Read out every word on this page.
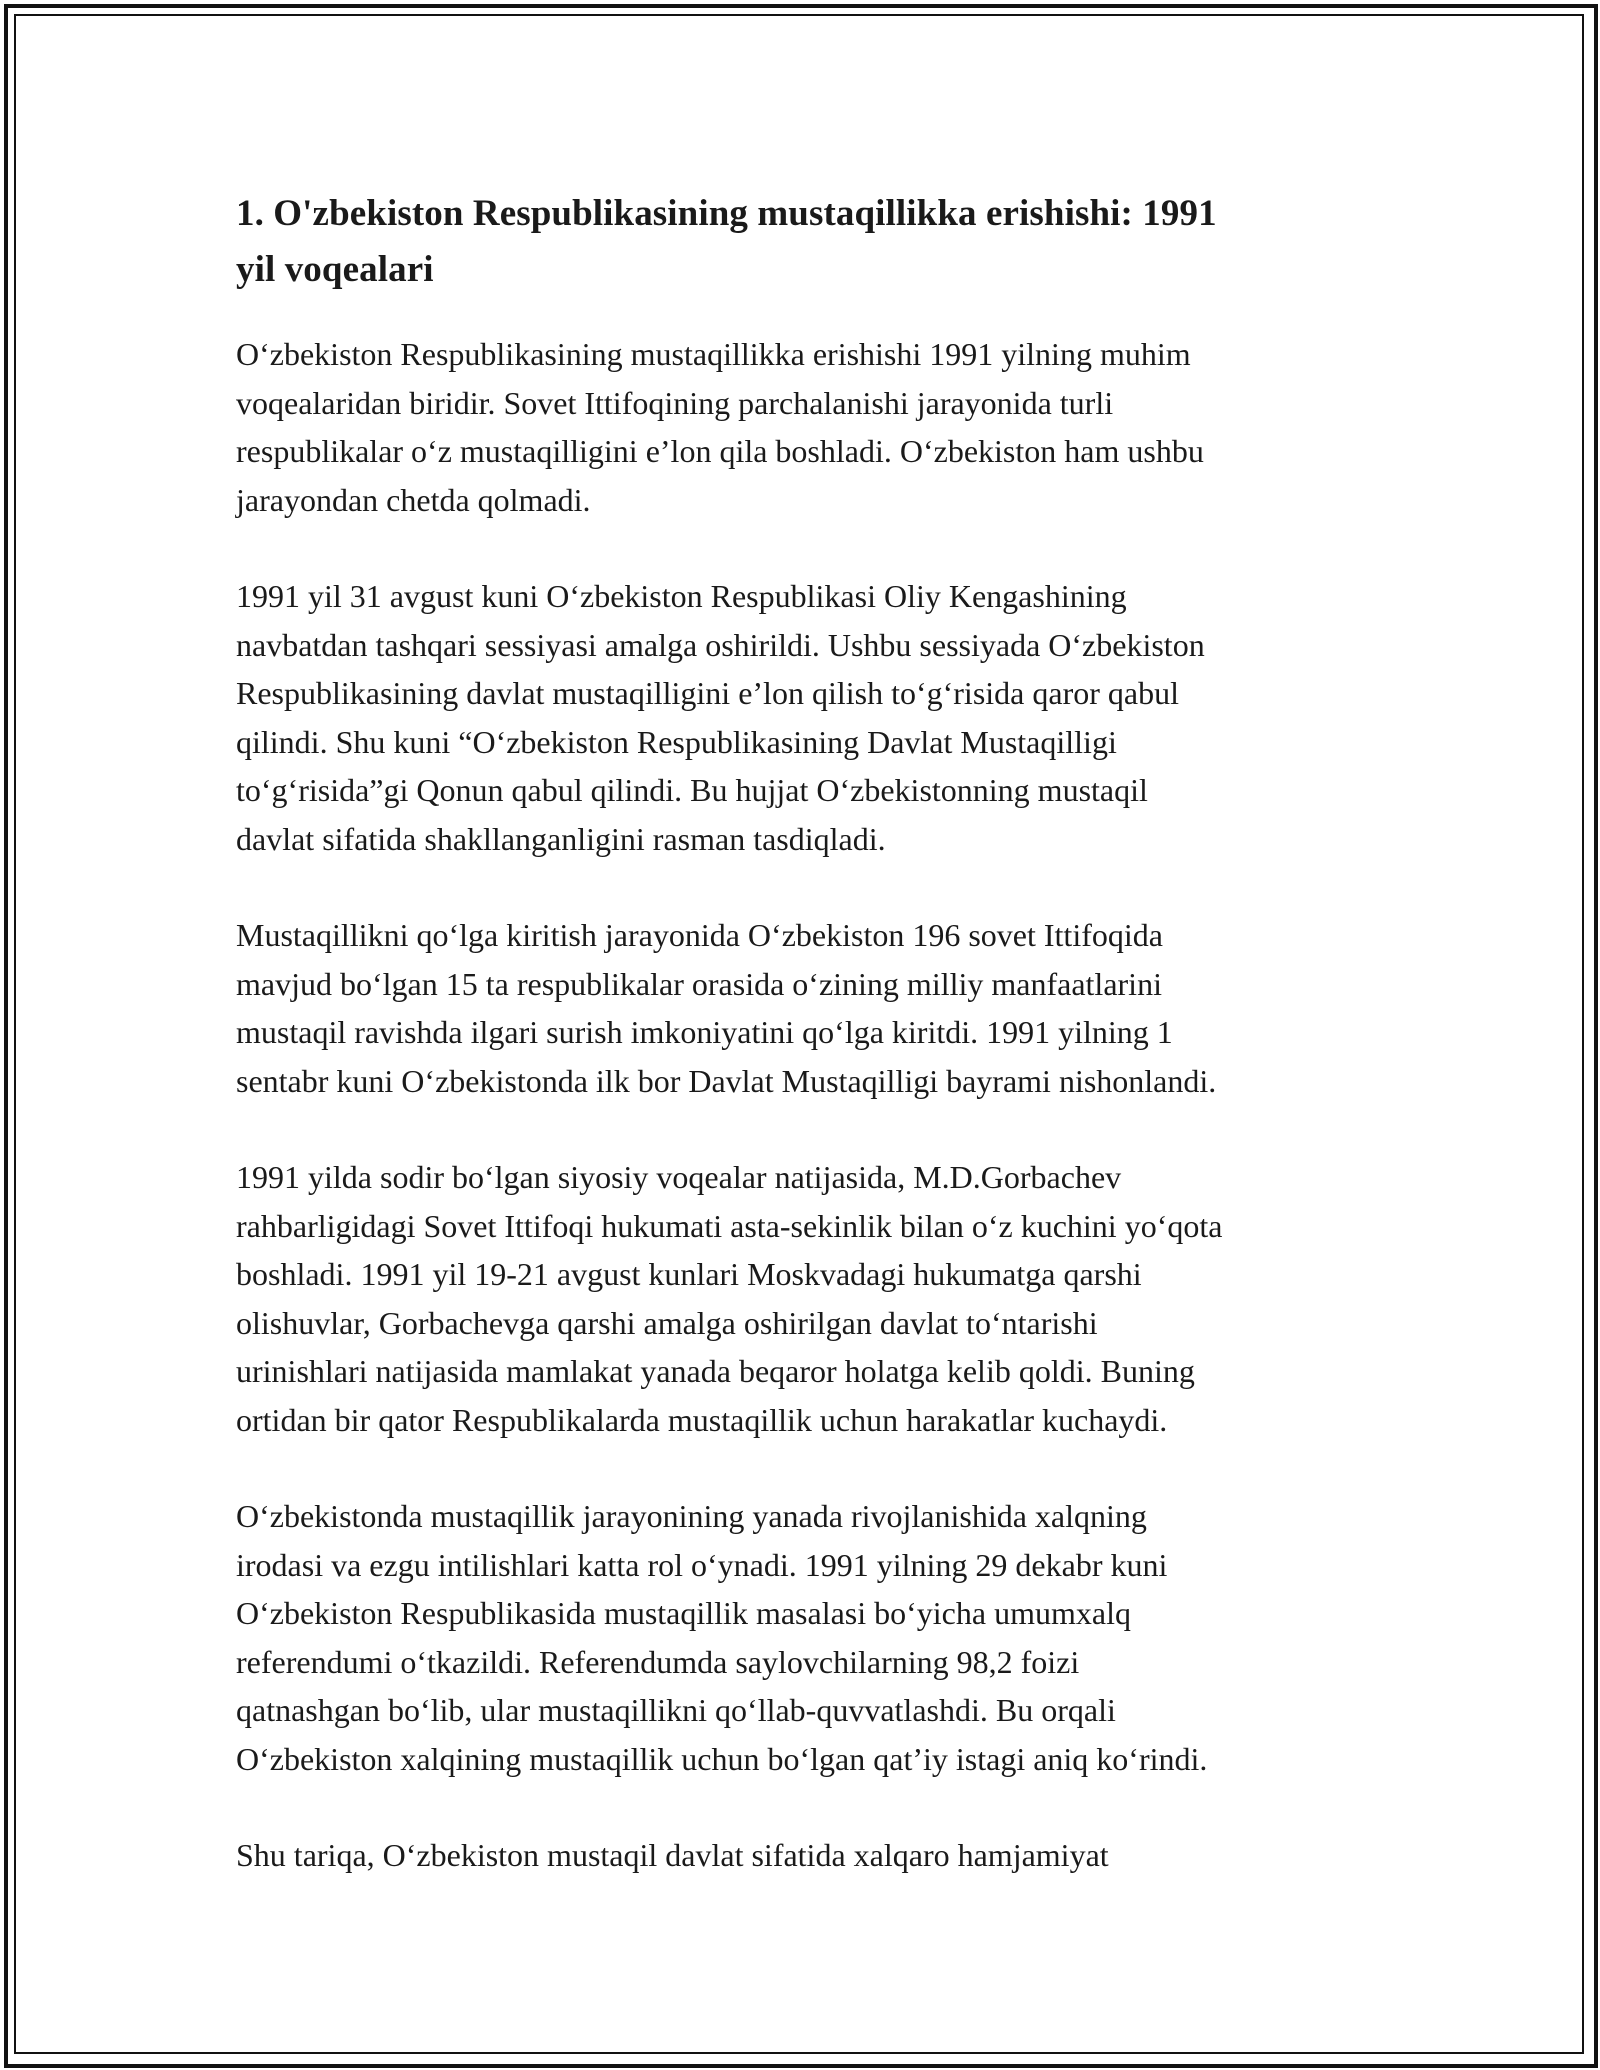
1. O'zbekiston Respublikasining mustaqillikka erishishi: 1991
yil voqealari

O‘zbekiston Respublikasining mustaqillikka erishishi 1991 yilning muhim
voqealaridan biridir. Sovet Ittifoqining parchalanishi jarayonida turli
respublikalar o‘z mustaqilligini e’lon qila boshladi. O‘zbekiston ham ushbu
jarayondan chetda qolmadi.

1991 yil 31 avgust kuni O‘zbekiston Respublikasi Oliy Kengashining
navbatdan tashqari sessiyasi amalga oshirildi. Ushbu sessiyada O‘zbekiston
Respublikasining davlat mustaqilligini e’lon qilish to‘g‘risida qaror qabul
qilindi. Shu kuni “O‘zbekiston Respublikasining Davlat Mustaqilligi
to‘g‘risida”gi Qonun qabul qilindi. Bu hujjat O‘zbekistonning mustaqil
davlat sifatida shakllanganligini rasman tasdiqladi.

Mustaqillikni qo‘lga kiritish jarayonida O‘zbekiston 196 sovet Ittifoqida
mavjud bo‘lgan 15 ta respublikalar orasida o‘zining milliy manfaatlarini
mustaqil ravishda ilgari surish imkoniyatini qo‘lga kiritdi. 1991 yilning 1
sentabr kuni O‘zbekistonda ilk bor Davlat Mustaqilligi bayrami nishonlandi.

1991 yilda sodir bo‘lgan siyosiy voqealar natijasida, M.D.Gorbachev
rahbarligidagi Sovet Ittifoqi hukumati asta-sekinlik bilan o‘z kuchini yo‘qota
boshladi. 1991 yil 19-21 avgust kunlari Moskvadagi hukumatga qarshi
olishuvlar, Gorbachevga qarshi amalga oshirilgan davlat to‘ntarishi
urinishlari natijasida mamlakat yanada beqaror holatga kelib qoldi. Buning
ortidan bir qator Respublikalarda mustaqillik uchun harakatlar kuchaydi.

O‘zbekistonda mustaqillik jarayonining yanada rivojlanishida xalqning
irodasi va ezgu intilishlari katta rol o‘ynadi. 1991 yilning 29 dekabr kuni
O‘zbekiston Respublikasida mustaqillik masalasi bo‘yicha umumxalq
referendumi o‘tkazildi. Referendumda saylovchilarning 98,2 foizi
qatnashgan bo‘lib, ular mustaqillikni qo‘llab-quvvatlashdi. Bu orqali
O‘zbekiston xalqining mustaqillik uchun bo‘lgan qat’iy istagi aniq ko‘rindi.

Shu tariqa, O‘zbekiston mustaqil davlat sifatida xalqaro hamjamiyat
